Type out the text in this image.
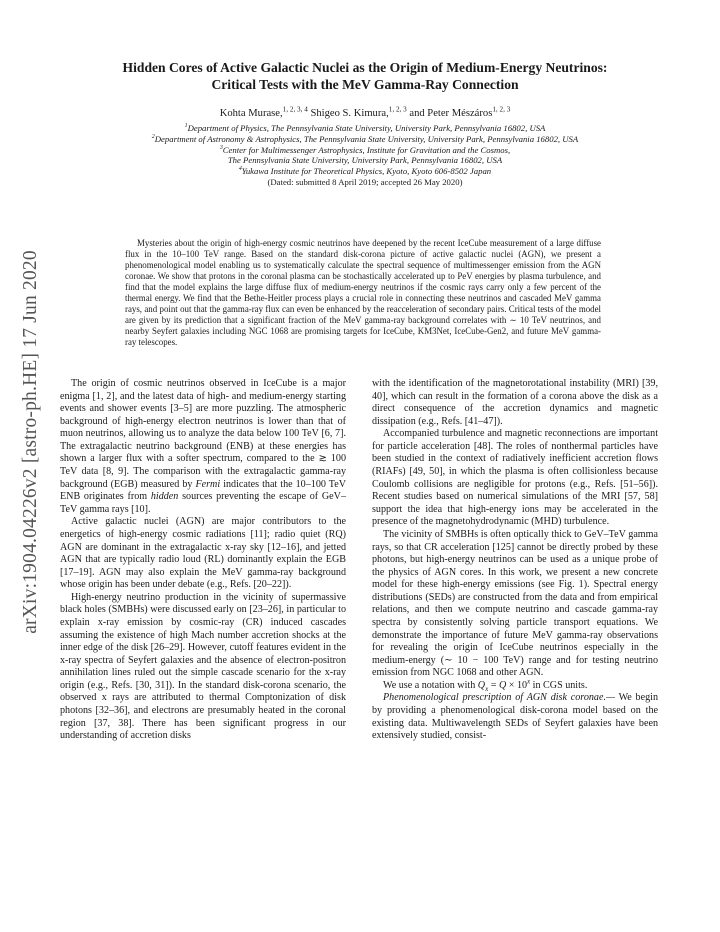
arXiv:1904.04226v2 [astro-ph.HE] 17 Jun 2020
Hidden Cores of Active Galactic Nuclei as the Origin of Medium-Energy Neutrinos:
Critical Tests with the MeV Gamma-Ray Connection
Kohta Murase,$^{1, 2, 3, 4}$ Shigeo S. Kimura,$^{1, 2, 3}$ and Peter Mészáros$^{1, 2, 3}$
$^1$Department of Physics, The Pennsylvania State University, University Park, Pennsylvania 16802, USA
$^2$Department of Astronomy & Astrophysics, The Pennsylvania State University, University Park, Pennsylvania 16802, USA
$^3$Center for Multimessenger Astrophysics, Institute for Gravitation and the Cosmos,
The Pennsylvania State University, University Park, Pennsylvania 16802, USA
$^4$Yukawa Institute for Theoretical Physics, Kyoto, Kyoto 606-8502 Japan
(Dated: submitted 8 April 2019; accepted 26 May 2020)

Mysteries about the origin of high-energy cosmic neutrinos have deepened by the recent IceCube measurement of a large diffuse flux in the 10–100 TeV range. Based on the standard disk-corona picture of active galactic nuclei (AGN), we present a phenomenological model enabling us to systematically calculate the spectral sequence of multimessenger emission from the AGN coronae. We show that protons in the coronal plasma can be stochastically accelerated up to PeV energies by plasma turbulence, and find that the model explains the large diffuse flux of medium-energy neutrinos if the cosmic rays carry only a few percent of the thermal energy. We find that the Bethe-Heitler process plays a crucial role in connecting these neutrinos and cascaded MeV gamma rays, and point out that the gamma-ray flux can even be enhanced by the reacceleration of secondary pairs. Critical tests of the model are given by its prediction that a significant fraction of the MeV gamma-ray background correlates with ∼ 10 TeV neutrinos, and nearby Seyfert galaxies including NGC 1068 are promising targets for IceCube, KM3Net, IceCube-Gen2, and future MeV gamma-ray telescopes.

The origin of cosmic neutrinos observed in IceCube is a major enigma [1, 2], and the latest data of high- and medium-energy starting events and shower events [3–5] are more puzzling. The atmospheric background of high-energy electron neutrinos is lower than that of muon neutrinos, allowing us to analyze the data below 100 TeV [6, 7]. The extragalactic neutrino background (ENB) at these energies has shown a larger flux with a softer spectrum, compared to the ≳ 100 TeV data [8, 9]. The comparison with the extragalactic gamma-ray background (EGB) measured by Fermi indicates that the 10–100 TeV ENB originates from hidden sources preventing the escape of GeV–TeV gamma rays [10].

Active galactic nuclei (AGN) are major contributors to the energetics of high-energy cosmic radiations [11]; radio quiet (RQ) AGN are dominant in the extragalactic x-ray sky [12–16], and jetted AGN that are typically radio loud (RL) dominantly explain the EGB [17–19]. AGN may also explain the MeV gamma-ray background whose origin has been under debate (e.g., Refs. [20–22]).

High-energy neutrino production in the vicinity of supermassive black holes (SMBHs) were discussed early on [23–26], in particular to explain x-ray emission by cosmic-ray (CR) induced cascades assuming the existence of high Mach number accretion shocks at the inner edge of the disk [26–29]. However, cutoff features evident in the x-ray spectra of Seyfert galaxies and the absence of electron-positron annihilation lines ruled out the simple cascade scenario for the x-ray origin (e.g., Refs. [30, 31]). In the standard disk-corona scenario, the observed x rays are attributed to thermal Comptonization of disk photons [32–36], and electrons are presumably heated in the coronal region [37, 38]. There has been significant progress in our understanding of accretion disks

with the identification of the magnetorotational instability (MRI) [39, 40], which can result in the formation of a corona above the disk as a direct consequence of the accretion dynamics and magnetic dissipation (e.g., Refs. [41–47]).

Accompanied turbulence and magnetic reconnections are important for particle acceleration [48]. The roles of nonthermal particles have been studied in the context of radiatively inefficient accretion flows (RIAFs) [49, 50], in which the plasma is often collisionless because Coulomb collisions are negligible for protons (e.g., Refs. [51–56]). Recent studies based on numerical simulations of the MRI [57, 58] support the idea that high-energy ions may be accelerated in the presence of the magnetohydrodynamic (MHD) turbulence.

The vicinity of SMBHs is often optically thick to GeV–TeV gamma rays, so that CR acceleration [125] cannot be directly probed by these photons, but high-energy neutrinos can be used as a unique probe of the physics of AGN cores. In this work, we present a new concrete model for these high-energy emissions (see Fig. 1). Spectral energy distributions (SEDs) are constructed from the data and from empirical relations, and then we compute neutrino and cascade gamma-ray spectra by consistently solving particle transport equations. We demonstrate the importance of future MeV gamma-ray observations for revealing the origin of IceCube neutrinos especially in the medium-energy (∼ 10 − 100 TeV) range and for testing neutrino emission from NGC 1068 and other AGN.

We use a notation with $Q_x = Q \times 10^x$ in CGS units.

Phenomenological prescription of AGN disk coronae.— We begin by providing a phenomenological disk-corona model based on the existing data. Multiwavelength SEDs of Seyfert galaxies have been extensively studied, consist-
